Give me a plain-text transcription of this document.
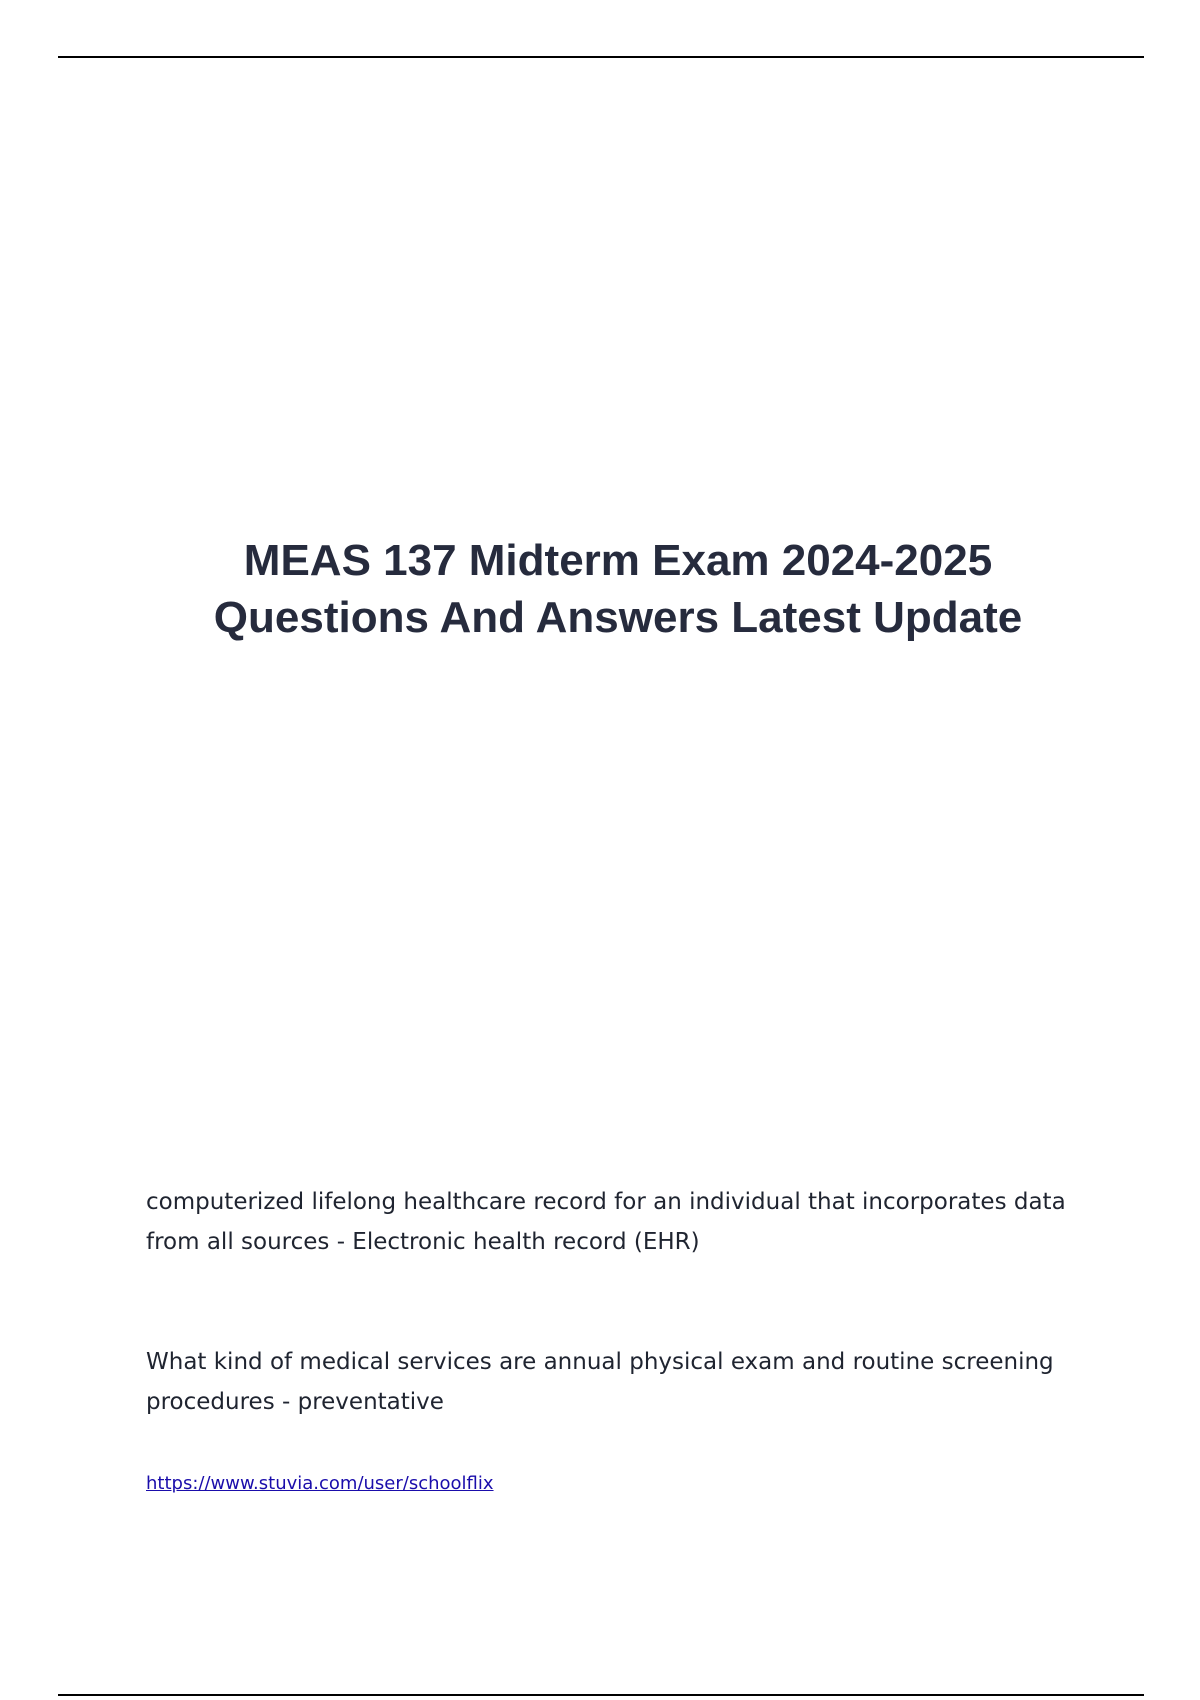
MEAS 137 Midterm Exam 2024-2025
Questions And Answers Latest Update
computerized lifelong healthcare record for an individual that incorporates data from all sources - Electronic health record (EHR)
What kind of medical services are annual physical exam and routine screening procedures - preventative
https://www.stuvia.com/user/schoolflix
